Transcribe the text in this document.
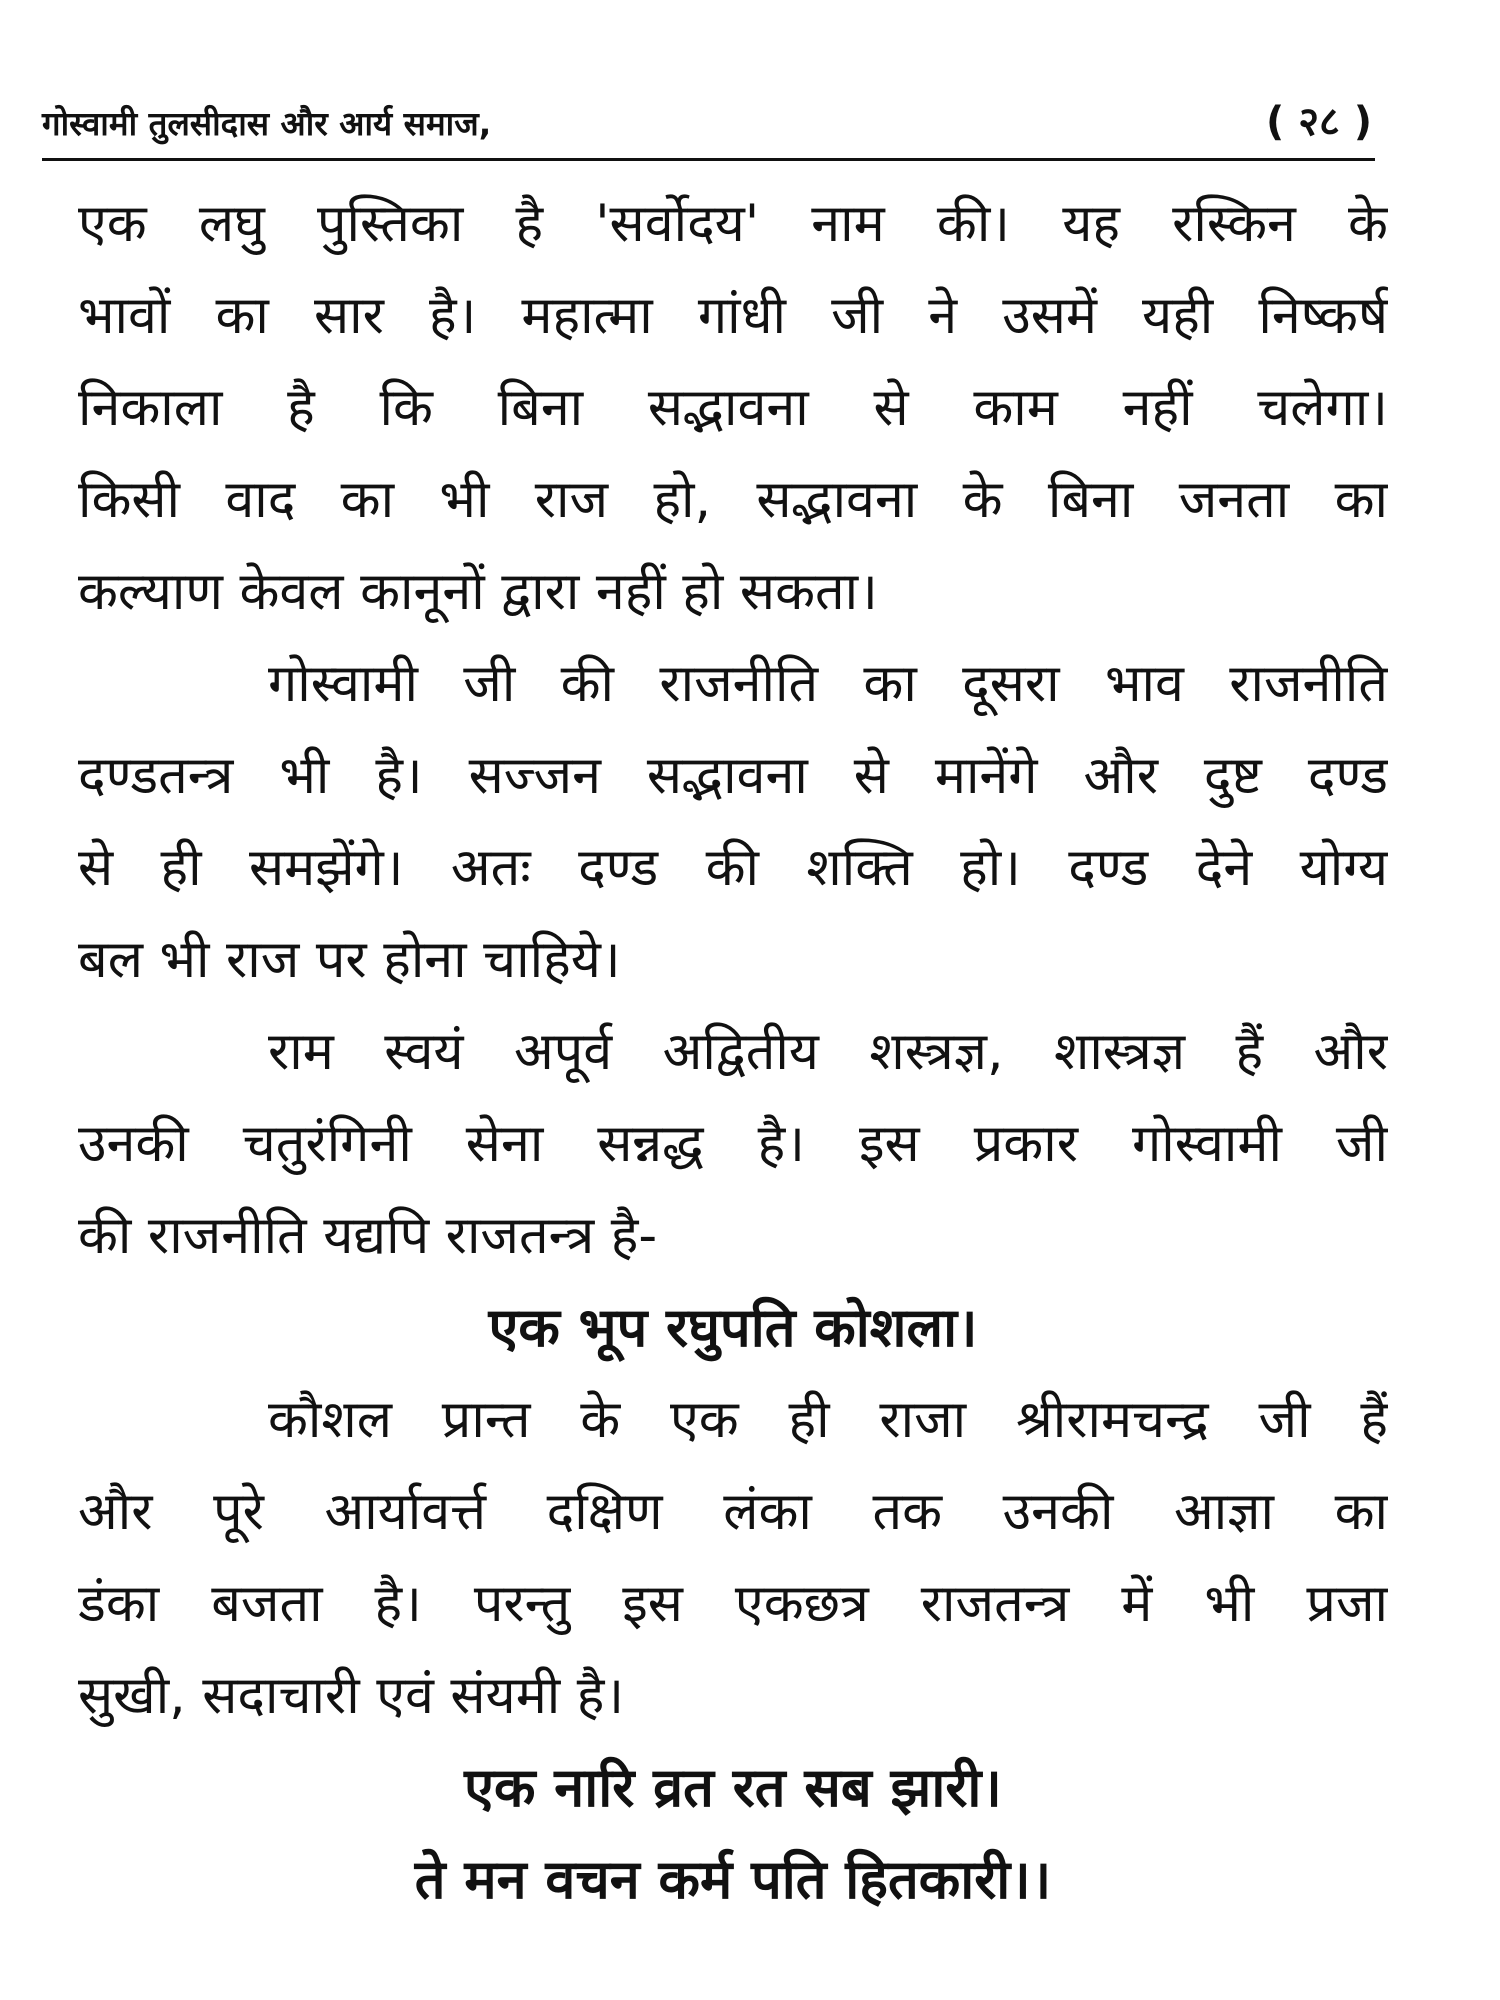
गोस्वामी तुलसीदास और आर्य समाज,	( २८ )
एक लघु पुस्तिका है 'सर्वोदय' नाम की। यह रस्किन के
भावों का सार है। महात्मा गांधी जी ने उसमें यही निष्कर्ष
निकाला है कि बिना सद्भावना से काम नहीं चलेगा।
किसी वाद का भी राज हो, सद्भावना के बिना जनता का
कल्याण केवल कानूनों द्वारा नहीं हो सकता।
गोस्वामी जी की राजनीति का दूसरा भाव राजनीति
दण्डतन्त्र भी है। सज्जन सद्भावना से मानेंगे और दुष्ट दण्ड
से ही समझेंगे। अतः दण्ड की शक्ति हो। दण्ड देने योग्य
बल भी राज पर होना चाहिये।
राम स्वयं अपूर्व अद्वितीय शस्त्रज्ञ, शास्त्रज्ञ हैं और
उनकी चतुरंगिनी सेना सन्नद्ध है। इस प्रकार गोस्वामी जी
की राजनीति यद्यपि राजतन्त्र है-
एक भूप रघुपति कोशला।
कौशल प्रान्त के एक ही राजा श्रीरामचन्द्र जी हैं
और पूरे आर्यावर्त्त दक्षिण लंका तक उनकी आज्ञा का
डंका बजता है। परन्तु इस एकछत्र राजतन्त्र में भी प्रजा
सुखी, सदाचारी एवं संयमी है।
एक नारि व्रत रत सब झारी।
ते मन वचन कर्म पति हितकारी।।
